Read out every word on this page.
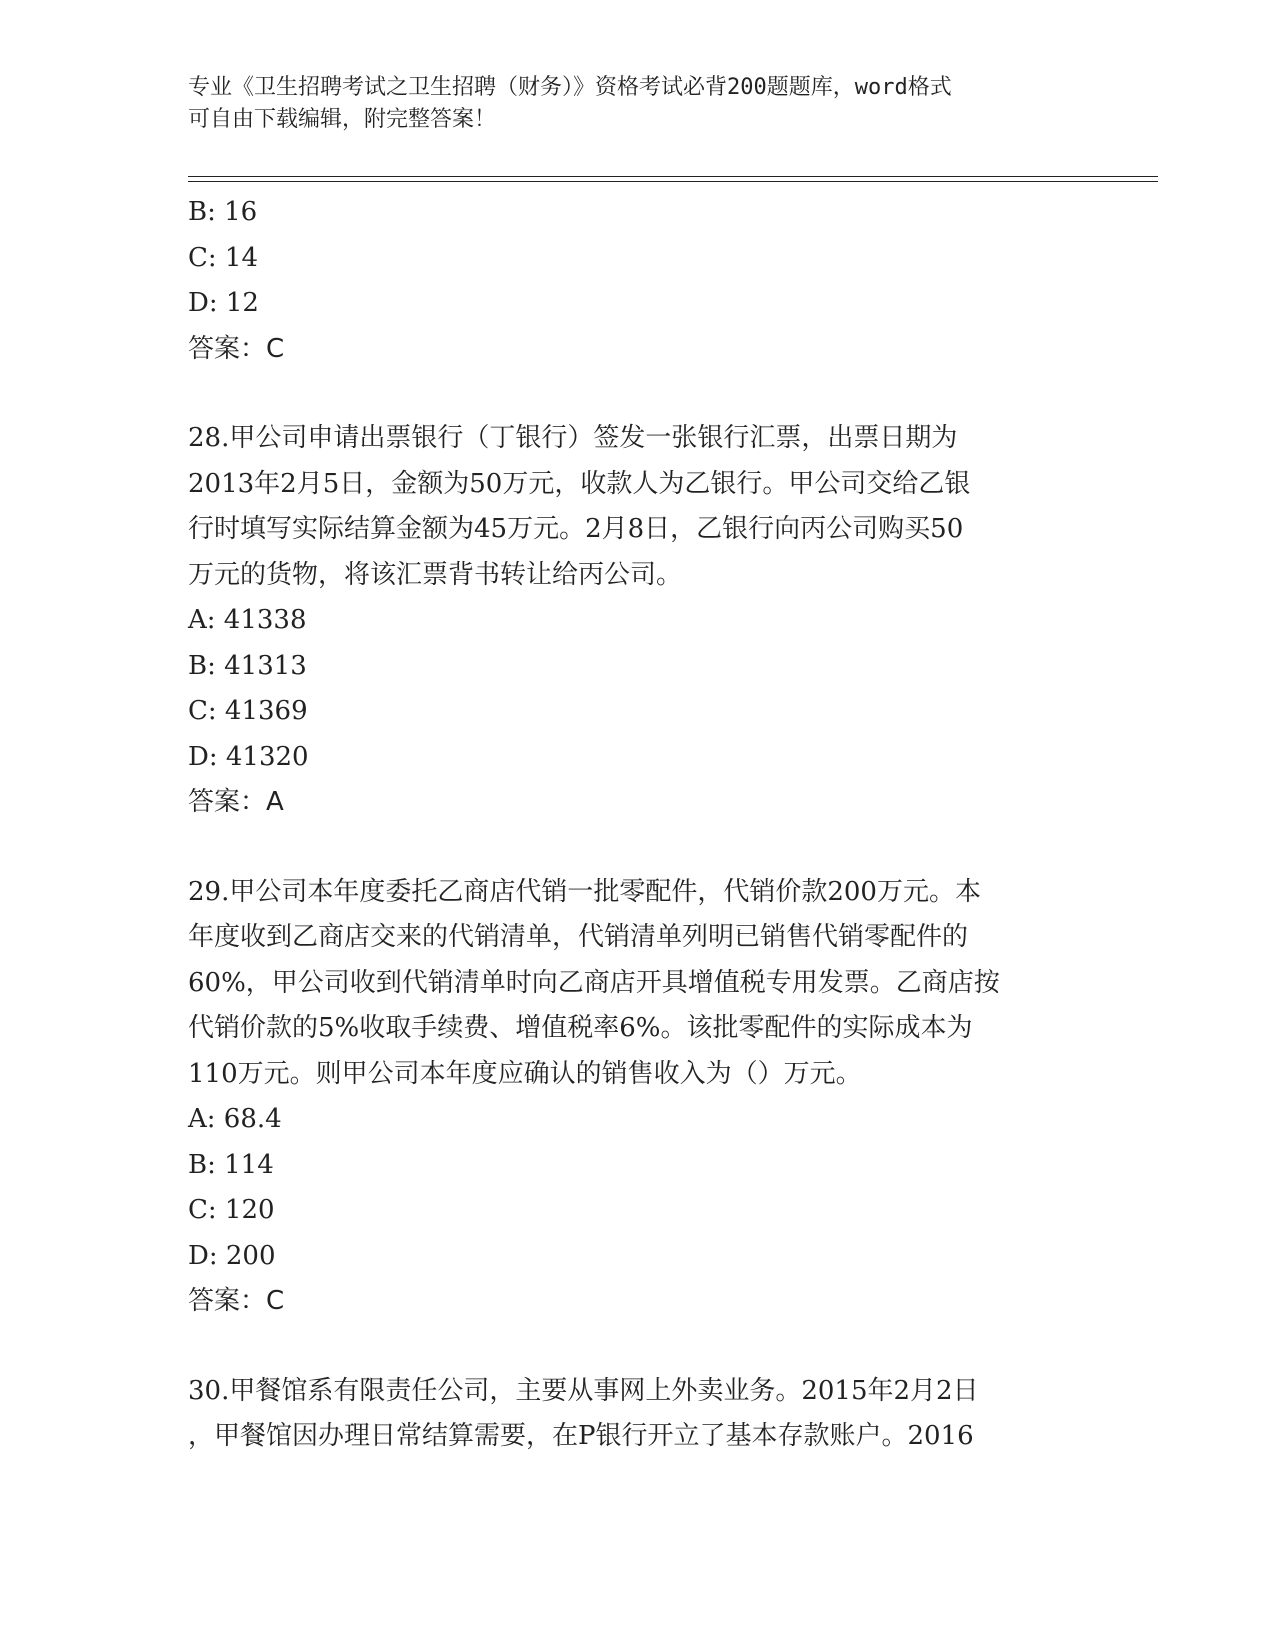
专业《卫生招聘考试之卫生招聘（财务）》资格考试必背200题题库，word格式
可自由下载编辑，附完整答案！
B: 16
C: 14
D: 12
答案：C
28.甲公司申请出票银行（丁银行）签发一张银行汇票，出票日期为
2013年2月5日，金额为50万元，收款人为乙银行。甲公司交给乙银
行时填写实际结算金额为45万元。2月8日，乙银行向丙公司购买50
万元的货物，将该汇票背书转让给丙公司。
A: 41338
B: 41313
C: 41369
D: 41320
答案：A
29.甲公司本年度委托乙商店代销一批零配件，代销价款200万元。本
年度收到乙商店交来的代销清单，代销清单列明已销售代销零配件的
60%，甲公司收到代销清单时向乙商店开具增值税专用发票。乙商店按
代销价款的5%收取手续费、增值税率6%。该批零配件的实际成本为
110万元。则甲公司本年度应确认的销售收入为（）万元。
A: 68.4
B: 114
C: 120
D: 200
答案：C
30.甲餐馆系有限责任公司，主要从事网上外卖业务。2015年2月2日
，甲餐馆因办理日常结算需要，在P银行开立了基本存款账户。2016
